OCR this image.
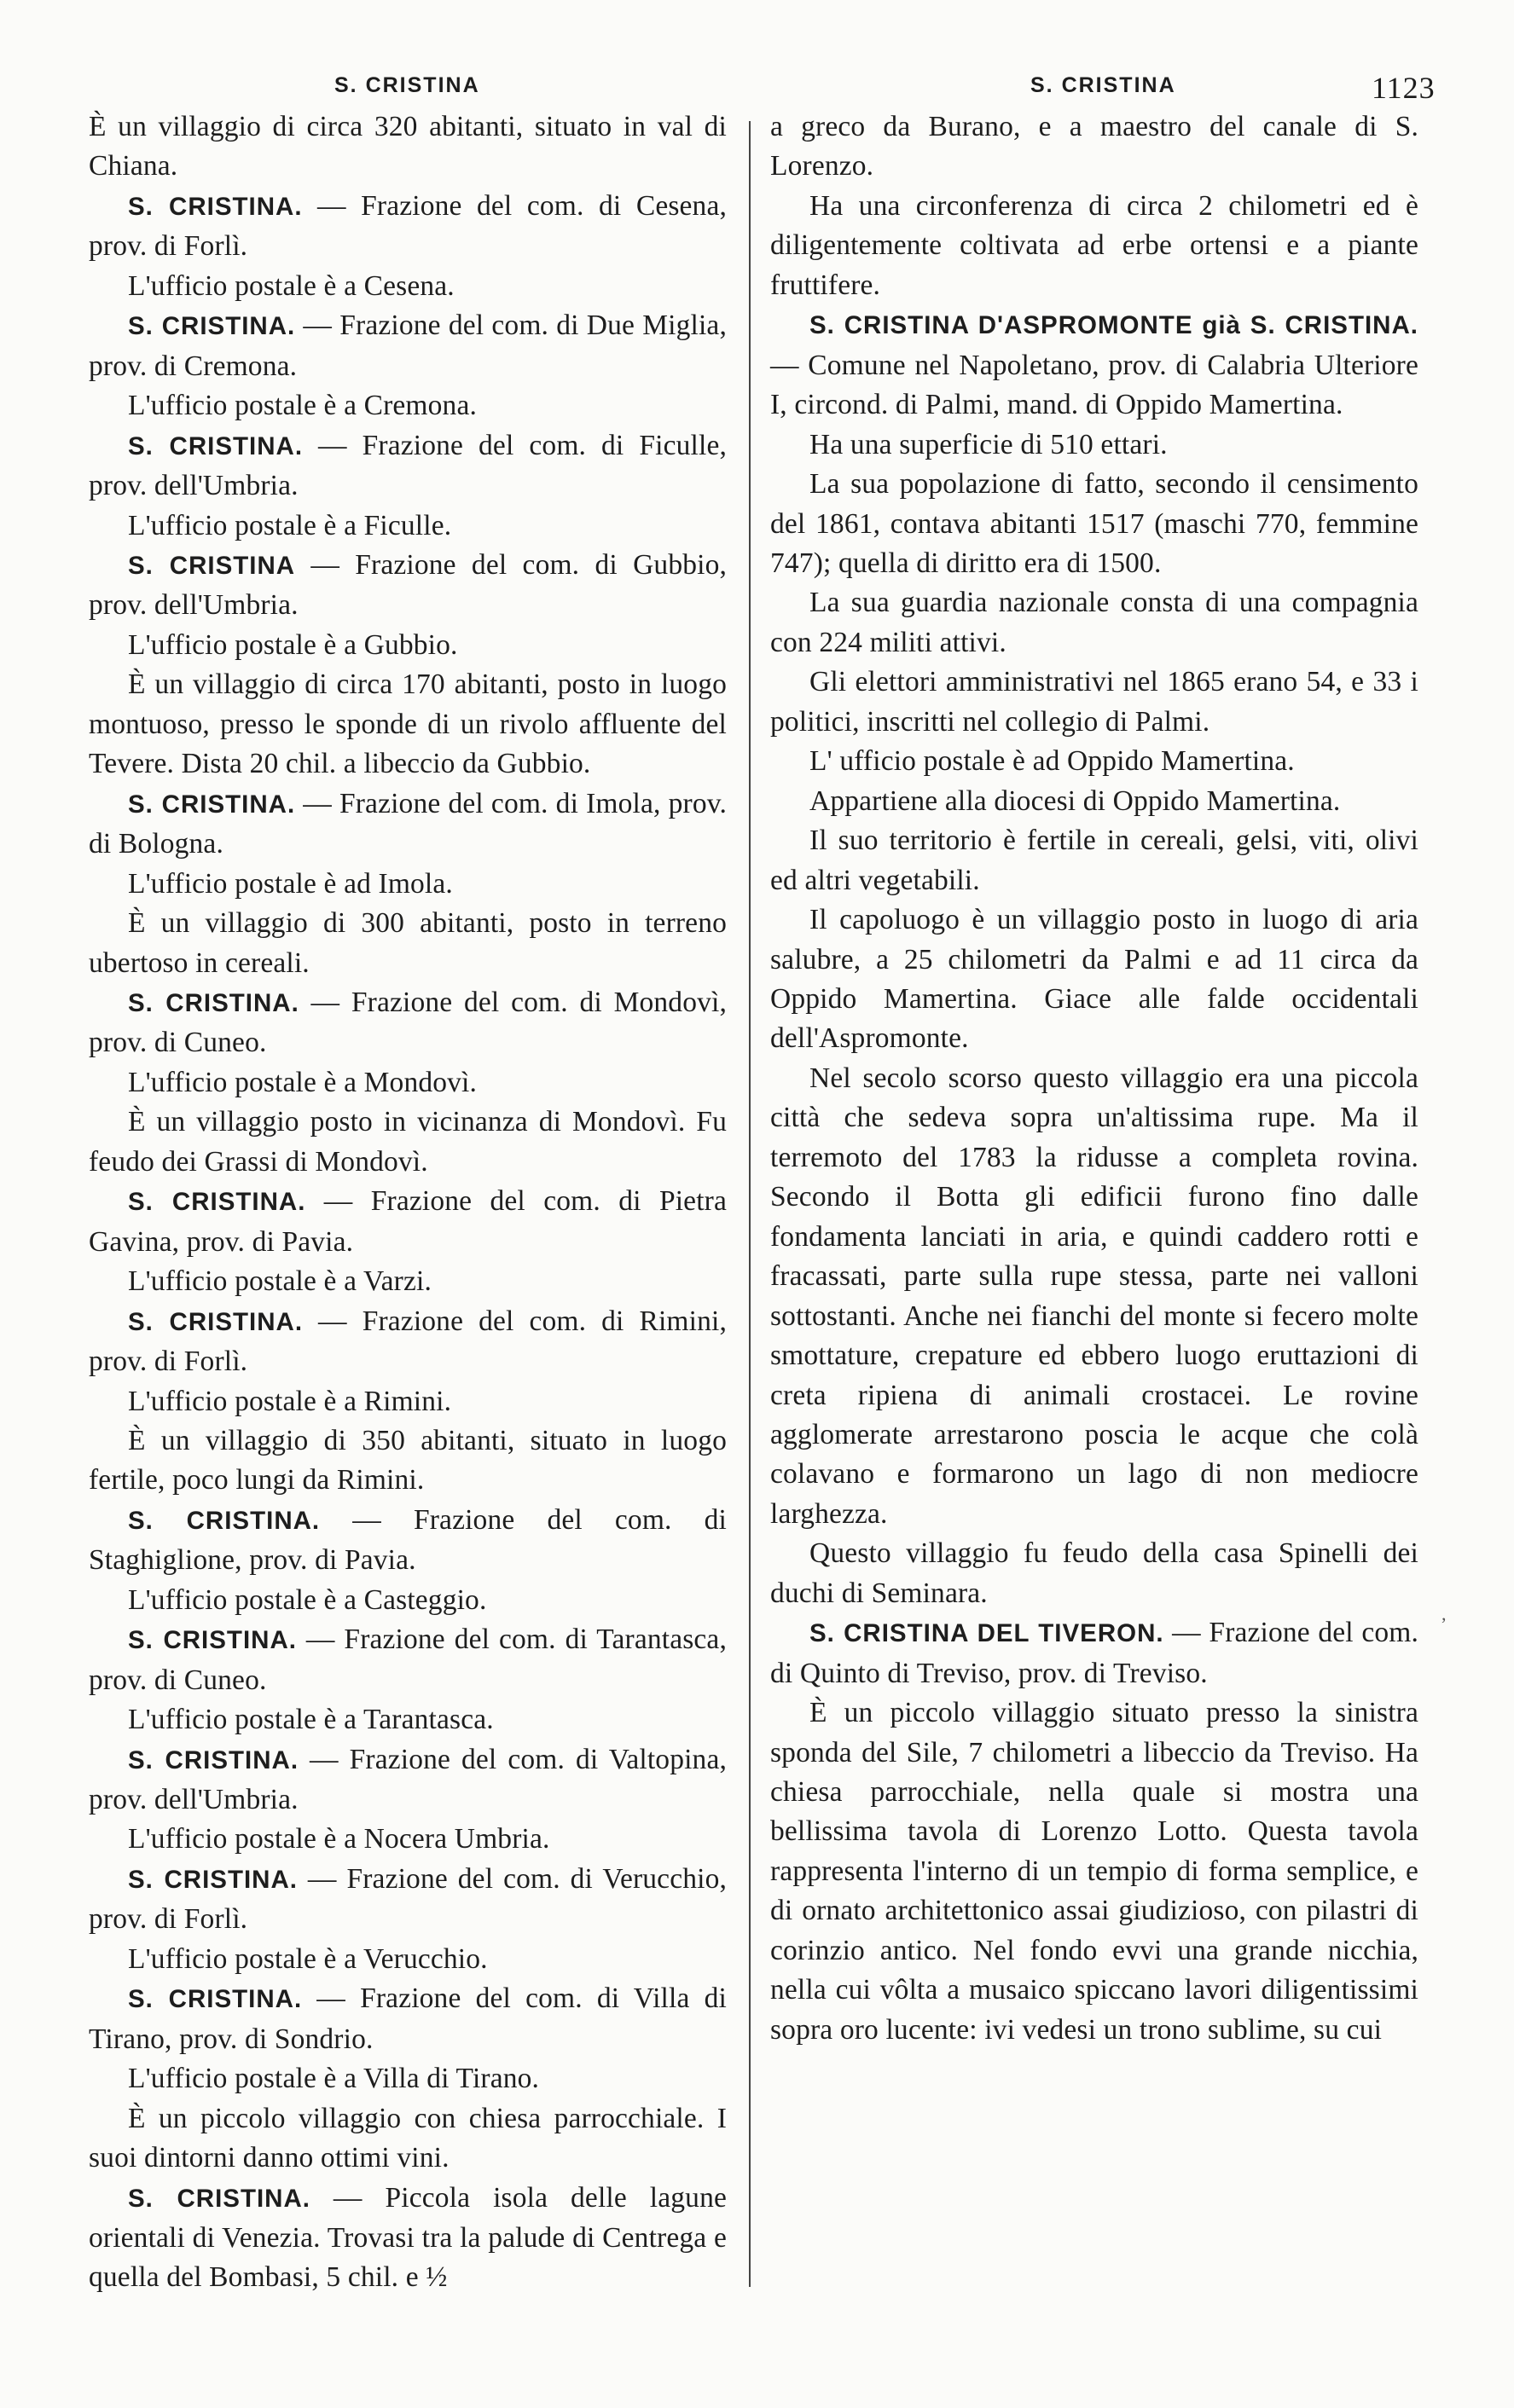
S. CRISTINA	S. CRISTINA	1123

È un villaggio di circa 320 abitanti, situato in val di Chiana.

S. CRISTINA. — Frazione del com. di Cesena, prov. di Forlì.

L'ufficio postale è a Cesena.

S. CRISTINA. — Frazione del com. di Due Miglia, prov. di Cremona.

L'ufficio postale è a Cremona.

S. CRISTINA. — Frazione del com. di Ficulle, prov. dell'Umbria.

L'ufficio postale è a Ficulle.

S. CRISTINA — Frazione del com. di Gubbio, prov. dell'Umbria.

L'ufficio postale è a Gubbio.

È un villaggio di circa 170 abitanti, posto in luogo montuoso, presso le sponde di un rivolo affluente del Tevere. Dista 20 chil. a libeccio da Gubbio.

S. CRISTINA. — Frazione del com. di Imola, prov. di Bologna.

L'ufficio postale è ad Imola.

È un villaggio di 300 abitanti, posto in terreno ubertoso in cereali.

S. CRISTINA. — Frazione del com. di Mondovì, prov. di Cuneo.

L'ufficio postale è a Mondovì.

È un villaggio posto in vicinanza di Mondovì. Fu feudo dei Grassi di Mondovì.

S. CRISTINA. — Frazione del com. di Pietra Gavina, prov. di Pavia.

L'ufficio postale è a Varzi.

S. CRISTINA. — Frazione del com. di Rimini, prov. di Forlì.

L'ufficio postale è a Rimini.

È un villaggio di 350 abitanti, situato in luogo fertile, poco lungi da Rimini.

S. CRISTINA. — Frazione del com. di Staghiglione, prov. di Pavia.

L'ufficio postale è a Casteggio.

S. CRISTINA. — Frazione del com. di Tarantasca, prov. di Cuneo.

L'ufficio postale è a Tarantasca.

S. CRISTINA. — Frazione del com. di Valtopina, prov. dell'Umbria.

L'ufficio postale è a Nocera Umbria.

S. CRISTINA. — Frazione del com. di Verucchio, prov. di Forlì.

L'ufficio postale è a Verucchio.

S. CRISTINA. — Frazione del com. di Villa di Tirano, prov. di Sondrio.

L'ufficio postale è a Villa di Tirano.

È un piccolo villaggio con chiesa parrocchiale. I suoi dintorni danno ottimi vini.

S. CRISTINA. — Piccola isola delle lagune orientali di Venezia. Trovasi tra la palude di Centrega e quella del Bombasi, 5 chil. e ½

a greco da Burano, e a maestro del canale di S. Lorenzo.

Ha una circonferenza di circa 2 chilometri ed è diligentemente coltivata ad erbe ortensi e a piante fruttifere.

S. CRISTINA D'ASPROMONTE già S. CRISTINA. — Comune nel Napoletano, prov. di Calabria Ulteriore I, circond. di Palmi, mand. di Oppido Mamertina.

Ha una superficie di 510 ettari.

La sua popolazione di fatto, secondo il censimento del 1861, contava abitanti 1517 (maschi 770, femmine 747); quella di diritto era di 1500.

La sua guardia nazionale consta di una compagnia con 224 militi attivi.

Gli elettori amministrativi nel 1865 erano 54, e 33 i politici, inscritti nel collegio di Palmi.

L' ufficio postale è ad Oppido Mamertina.

Appartiene alla diocesi di Oppido Mamertina.

Il suo territorio è fertile in cereali, gelsi, viti, olivi ed altri vegetabili.

Il capoluogo è un villaggio posto in luogo di aria salubre, a 25 chilometri da Palmi e ad 11 circa da Oppido Mamertina. Giace alle falde occidentali dell'Aspromonte.

Nel secolo scorso questo villaggio era una piccola città che sedeva sopra un'altissima rupe. Ma il terremoto del 1783 la ridusse a completa rovina. Secondo il Botta gli edificii furono fino dalle fondamenta lanciati in aria, e quindi caddero rotti e fracassati, parte sulla rupe stessa, parte nei valloni sottostanti. Anche nei fianchi del monte si fecero molte smottature, crepature ed ebbero luogo eruttazioni di creta ripiena di animali crostacei. Le rovine agglomerate arrestarono poscia le acque che colà colavano e formarono un lago di non mediocre larghezza.

Questo villaggio fu feudo della casa Spinelli dei duchi di Seminara.

S. CRISTINA DEL TIVERON. — Frazione del com. di Quinto di Treviso, prov. di Treviso.

È un piccolo villaggio situato presso la sinistra sponda del Sile, 7 chilometri a libeccio da Treviso. Ha chiesa parrocchiale, nella quale si mostra una bellissima tavola di Lorenzo Lotto. Questa tavola rappresenta l'interno di un tempio di forma semplice, e di ornato architettonico assai giudizioso, con pilastri di corinzio antico. Nel fondo evvi una grande nicchia, nella cui vôlta a musaico spiccano lavori diligentissimi sopra oro lucente: ivi vedesi un trono sublime, su cui

,
